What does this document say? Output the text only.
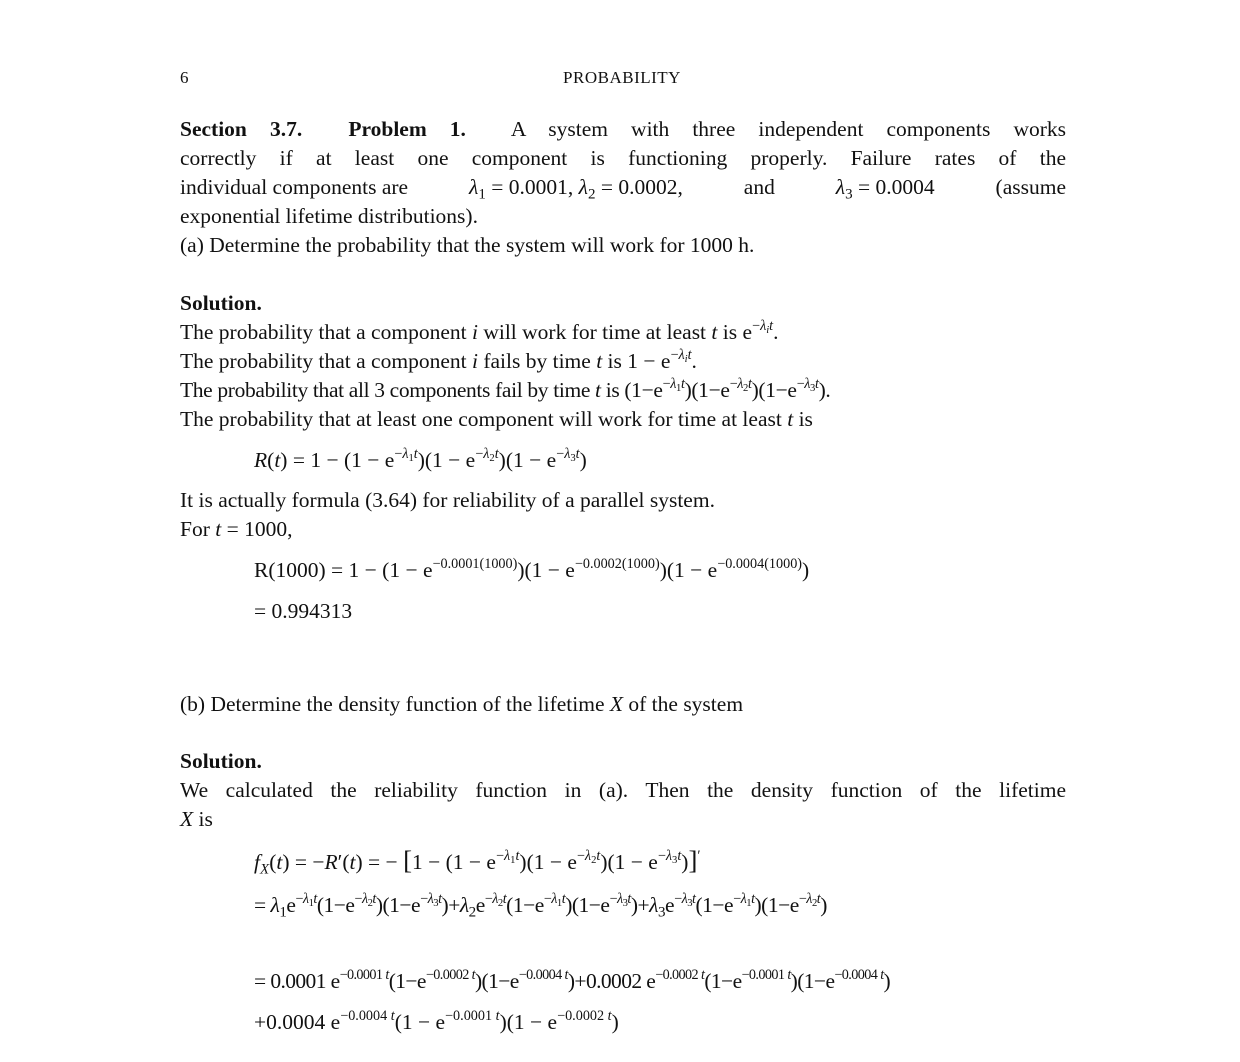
6	PROBABILITY
Section 3.7. Problem 1. A system with three independent components works
correctly if at least one component is functioning properly. Failure rates of the
individual components are	$\lambda_1 = 0.0001$, $\lambda_2 = 0.0002$,	and	$\lambda_3 = 0.0004$	(assume
exponential lifetime distributions).
(a) Determine the probability that the system will work for 1000 h.
Solution.
The probability that a component i will work for time at least t is $e^{-\lambda_it}$.
The probability that a component i fails by time t is $1 - e^{-\lambda_it}$.
The probability that all 3 components fail by time t is $(1-e^{-\lambda_1t})(1-e^{-\lambda_2t})(1-e^{-\lambda_3t})$.
The probability that at least one component will work for time at least t is
$R(t) = 1 - (1 - e^{-\lambda_1t})(1 - e^{-\lambda_2t})(1 - e^{-\lambda_3t})$
It is actually formula (3.64) for reliability of a parallel system.
For t = 1000,
$R(1000) = 1 - (1 - e^{-0.0001(1000)})(1 - e^{-0.0002(1000)})(1 - e^{-0.0004(1000)})$
= 0.994313
(b) Determine the density function of the lifetime X of the system
Solution.
We calculated the reliability function in (a). Then the density function of the lifetime
X is
$f_X(t) = -R'(t)$ = − $[1 - (1 - e^{-\lambda_1t})(1 - e^{-\lambda_2t})(1 - e^{-\lambda_3t})]'$
= $\lambda_1e^{-\lambda_1t}(1-e^{-\lambda_2t})(1-e^{-\lambda_3t})+\lambda_2e^{-\lambda_2t}(1-e^{-\lambda_1t})(1-e^{-\lambda_3t})+\lambda_3e^{-\lambda_3t}(1-e^{-\lambda_1t})(1-e^{-\lambda_2t})$
= 0.0001 $e^{-0.0001 t}(1-e^{-0.0002 t})(1-e^{-0.0004 t})+0.0002$ $e^{-0.0002 t}(1-e^{-0.0001 t})(1-e^{-0.0004 t})$
+0.0004 $e^{-0.0004 t}(1 - e^{-0.0001 t})(1 - e^{-0.0002 t})$
